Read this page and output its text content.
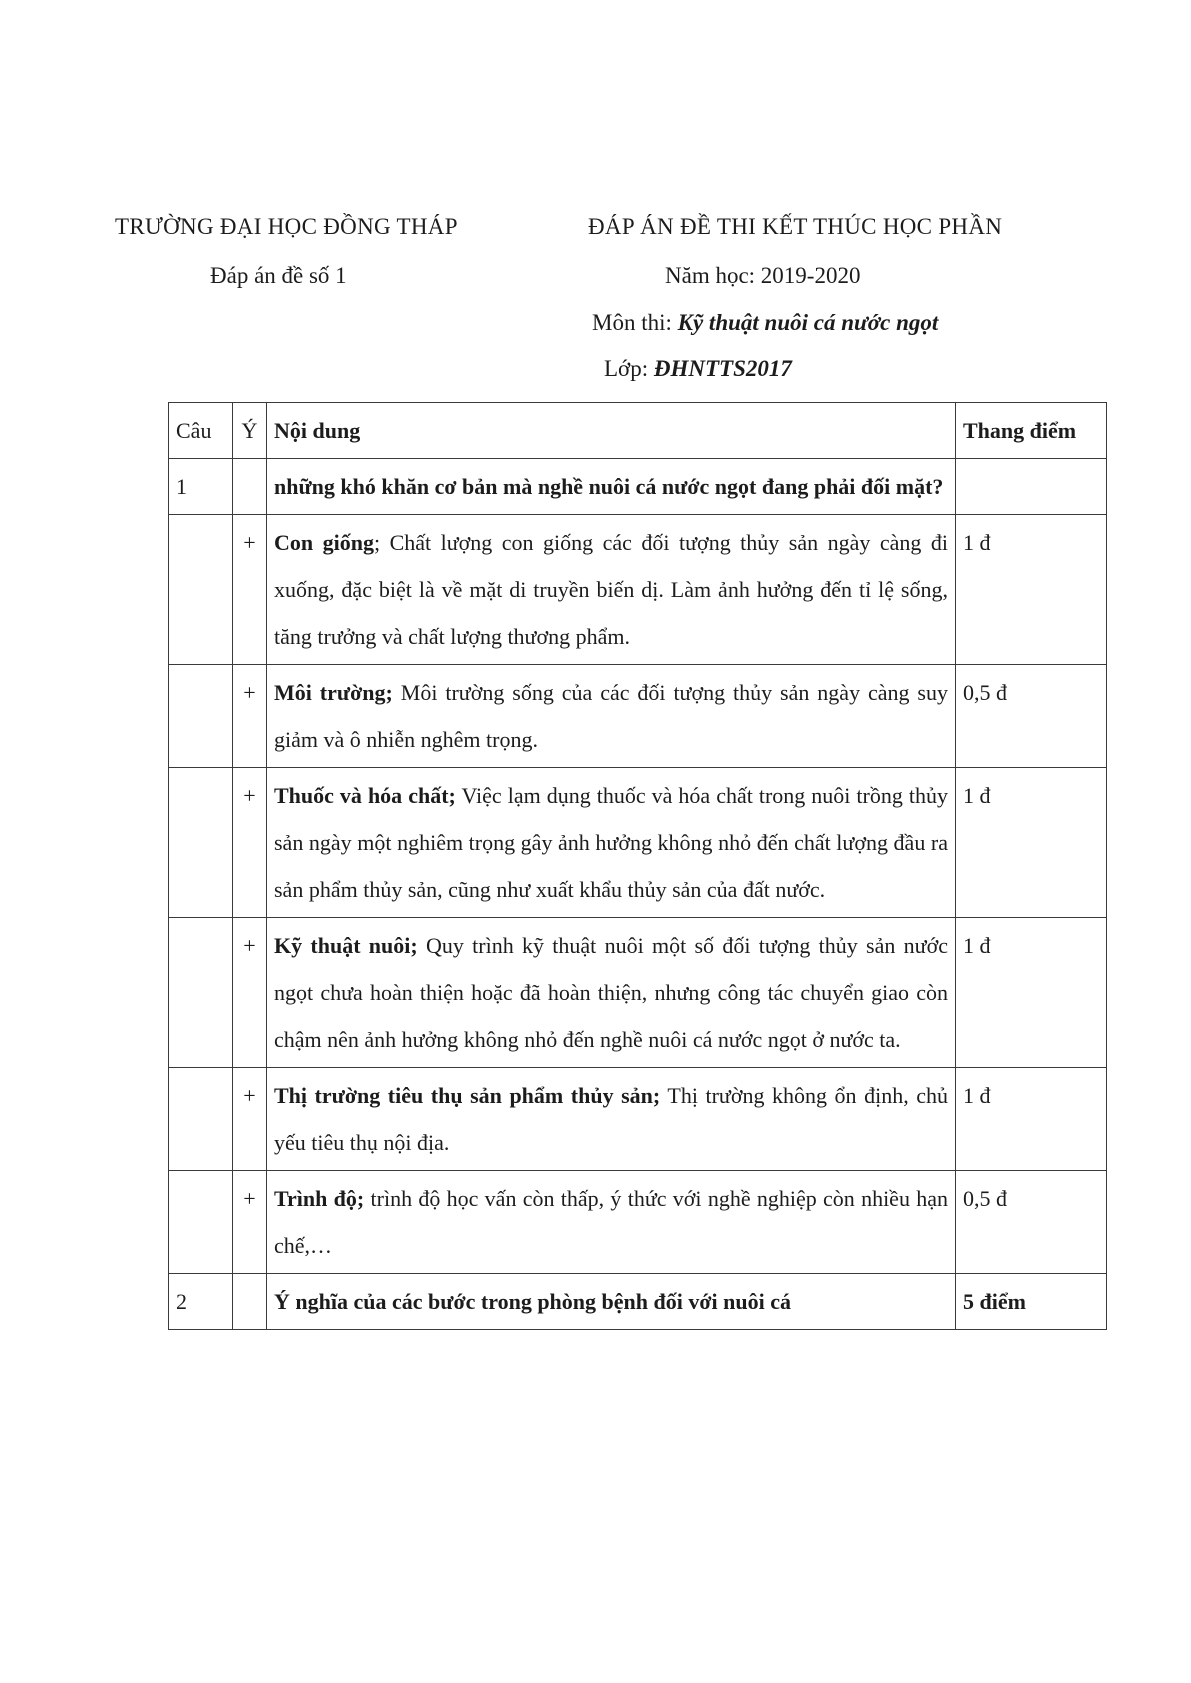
TRƯỜNG ĐẠI HỌC ĐỒNG THÁP
Đáp án đề số 1
ĐÁP ÁN ĐỀ THI KẾT THÚC HỌC PHẦN
Năm học: 2019-2020
Môn thi: Kỹ thuật nuôi cá nước ngọt
Lớp: ĐHNTTS2017
Câu	Ý	Nội dung	Thang điểm
1		những khó khăn cơ bản mà nghề nuôi cá nước ngọt đang phải đối mặt?	
	+	Con giống; Chất lượng con giống các đối tượng thủy sản ngày càng đi xuống, đặc biệt là về mặt di truyền biến dị. Làm ảnh hưởng đến tỉ lệ sống, tăng trưởng và chất lượng thương phẩm.	1 đ
	+	Môi trường; Môi trường sống của các đối tượng thủy sản ngày càng suy giảm và ô nhiễn nghêm trọng.	0,5 đ
	+	Thuốc và hóa chất; Việc lạm dụng thuốc và hóa chất trong nuôi trồng thủy sản ngày một nghiêm trọng gây ảnh hưởng không nhỏ đến chất lượng đầu ra sản phẩm thủy sản, cũng như xuất khẩu thủy sản của đất nước.	1 đ
	+	Kỹ thuật nuôi; Quy trình kỹ thuật nuôi một số đối tượng thủy sản nước ngọt chưa hoàn thiện hoặc đã hoàn thiện, nhưng công tác chuyển giao còn chậm nên ảnh hưởng không nhỏ đến nghề nuôi cá nước ngọt ở nước ta.	1 đ
	+	Thị trường tiêu thụ sản phẩm thủy sản; Thị trường không ổn định, chủ yếu tiêu thụ nội địa.	1 đ
	+	Trình độ; trình độ học vấn còn thấp, ý thức với nghề nghiệp còn nhiều hạn chế,…	0,5 đ
2		Ý nghĩa của các bước trong phòng bệnh đối với nuôi cá	5 điểm
